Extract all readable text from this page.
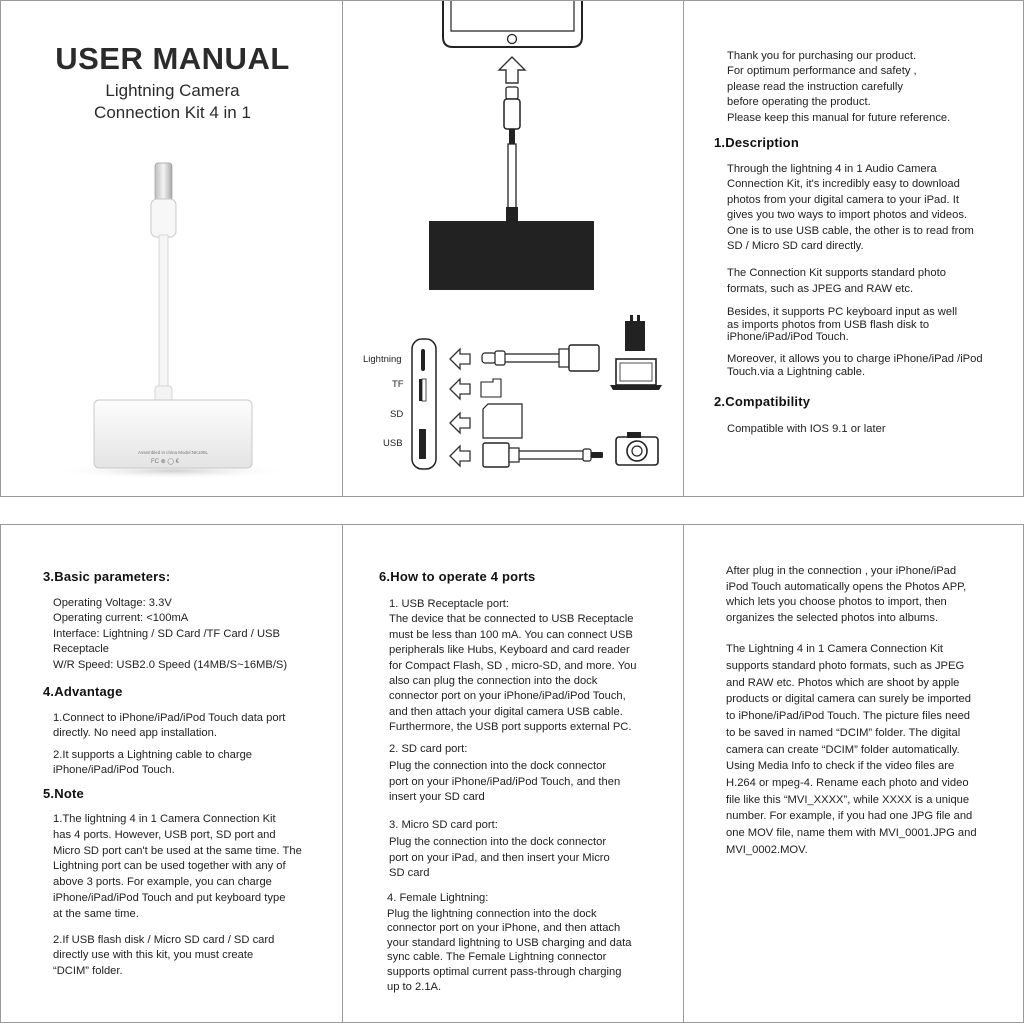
USER MANUAL
Lightning Camera
Connection Kit 4 in 1
Assembled in china Model:NK108L
FC ⊗ ◯ €
Lightning
TF
SD
USB

Thank you for purchasing our product.
For optimum performance and safety ,
please read the instruction carefully
before operating the product.
Please keep this manual for future reference.

1.Description

Through the lightning 4 in 1 Audio Camera
Connection Kit, it's incredibly easy to download
photos from your digital camera to your iPad. It
gives you two ways to import photos and videos.
One is to use USB cable, the other is to read from
SD / Micro SD card directly.

The Connection Kit supports standard photo
formats, such as JPEG and RAW etc.

Besides, it supports PC keyboard input as well
as imports photos from USB flash disk to
iPhone/iPad/iPod Touch.

Moreover, it allows you to charge iPhone/iPad /iPod
Touch.via a Lightning cable.

2.Compatibility
Compatible with IOS 9.1 or later
3.Basic parameters:

Operating Voltage: 3.3V
Operating current: <100mA
Interface: Lightning / SD Card /TF Card / USB
Receptacle
W/R Speed: USB2.0 Speed (14MB/S~16MB/S)

4.Advantage

1.Connect to iPhone/iPad/iPod Touch data port
directly. No need app installation.

2.It supports a Lightning cable to charge
iPhone/iPad/iPod Touch.

5.Note

1.The lightning 4 in 1 Camera Connection Kit
has 4 ports. However, USB port, SD port and
Micro SD port can't be used at the same time. The
Lightning port can be used together with any of
above 3 ports. For example, you can charge
iPhone/iPad/iPod Touch and put keyboard type
at the same time.

2.If USB flash disk / Micro SD card / SD card
directly use with this kit, you must create
“DCIM” folder.

6.How to operate 4 ports

1. USB Receptacle port:

The device that be connected to USB Receptacle
must be less than 100 mA. You can connect USB
peripherals like Hubs, Keyboard and card reader
for Compact Flash, SD , micro-SD, and more. You
also can plug the connection into the dock
connector port on your iPhone/iPad/iPod Touch,
and then attach your digital camera USB cable.
Furthermore, the USB port supports external PC.

2. SD card port:

Plug the connection into the dock connector
port on your iPhone/iPad/iPod Touch, and then
insert your SD card

3. Micro SD card port:

Plug the connection into the dock connector
port on your iPad, and then insert your Micro
SD card

4. Female Lightning:

Plug the lightning connection into the dock
connector port on your iPhone, and then attach
your standard lightning to USB charging and data
sync cable. The Female Lightning connector
supports optimal current pass-through charging
up to 2.1A.

After plug in the connection , your iPhone/iPad
iPod Touch automatically opens the Photos APP,
which lets you choose photos to import, then
organizes the selected photos into albums.

The Lightning 4 in 1 Camera Connection Kit
supports standard photo formats, such as JPEG
and RAW etc. Photos which are shoot by apple
products or digital camera can surely be imported
to iPhone/iPad/iPod Touch. The picture files need
to be saved in named “DCIM” folder. The digital
camera can create “DCIM” folder automatically.
Using Media Info to check if the video files are
H.264 or mpeg-4. Rename each photo and video
file like this “MVI_XXXX”, while XXXX is a unique
number. For example, if you had one JPG file and
one MOV file, name them with MVI_0001.JPG and
MVI_0002.MOV.
